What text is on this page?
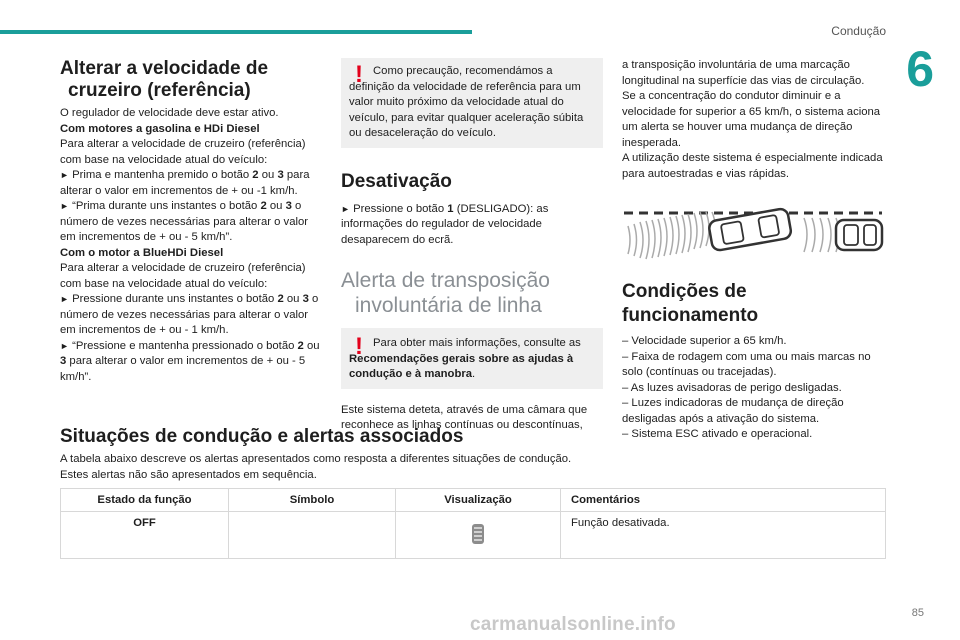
Condução
6
Alterar a velocidade de
cruzeiro (referência)

O regulador de velocidade deve estar ativo.

Com motores a gasolina e HDi Diesel

Para alterar a velocidade de cruzeiro (referência) com base na velocidade atual do veículo:

► Prima e mantenha premido o botão 2 ou 3 para alterar o valor em incrementos de + ou -1 km/h.

► “Prima durante uns instantes o botão 2 ou 3 o número de vezes necessárias para alterar o valor em incrementos de + ou - 5 km/h”.

Com o motor a BlueHDi Diesel

Para alterar a velocidade de cruzeiro (referência) com base na velocidade atual do veículo:

► Pressione durante uns instantes o botão 2 ou 3 o número de vezes necessárias para alterar o valor em incrementos de + ou - 1 km/h.

► “Pressione e mantenha pressionado o botão 2 ou 3 para alterar o valor em incrementos de + ou - 5 km/h”.

! Como precaução, recomendámos a definição da velocidade de referência para um valor muito próximo da velocidade atual do veículo, para evitar qualquer aceleração súbita ou desaceleração do veículo.

Desativação

► Pressione o botão 1 (DESLIGADO): as informações do regulador de velocidade desaparecem do ecrã.

Alerta de transposição
involuntária de linha
! Para obter mais informações, consulte as Recomendações gerais sobre as ajudas à condução e à manobra.

Este sistema deteta, através de uma câmara que reconhece as linhas contínuas ou descontínuas,

a transposição involuntária de uma marcação longitudinal na superfície das vias de circulação.

Se a concentração do condutor diminuir e a velocidade for superior a 65 km/h, o sistema aciona um alerta se houver uma mudança de direção inesperada.

A utilização deste sistema é especialmente indicada para autoestradas e vias rápidas.

Condições de funcionamento

– Velocidade superior a 65 km/h.

– Faixa de rodagem com uma ou mais marcas no solo (contínuas ou tracejadas).

– As luzes avisadoras de perigo desligadas.

– Luzes indicadoras de mudança de direção desligadas após a ativação do sistema.

– Sistema ESC ativado e operacional.

Situações de condução e alertas associados
A tabela abaixo descreve os alertas apresentados como resposta a diferentes situações de condução.
Estes alertas não são apresentados em sequência.
Estado da função	Símbolo	Visualização	Comentários
OFF			Função desativada.
85
carmanualsonline.info
